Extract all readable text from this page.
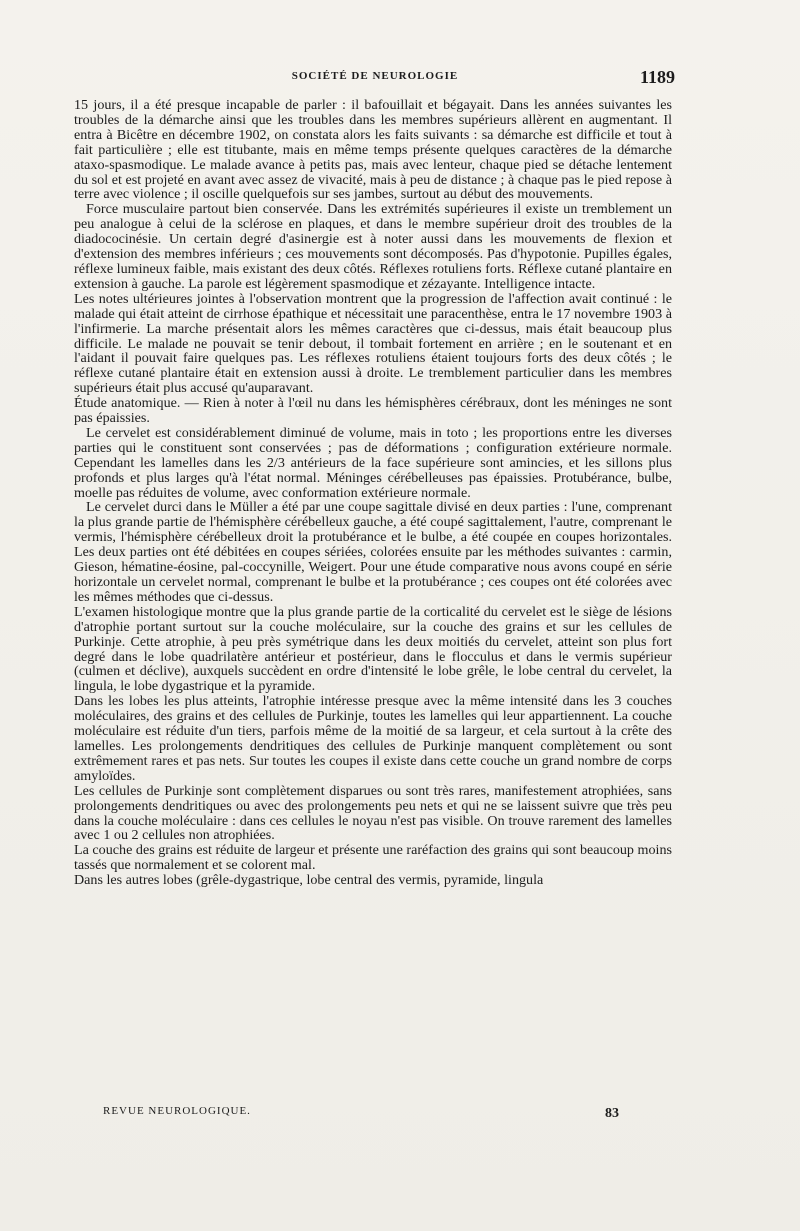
SOCIÉTÉ DE NEUROLOGIE	1189

15 jours, il a été presque incapable de parler : il bafouillait et bégayait. Dans les années suivantes les troubles de la démarche ainsi que les troubles dans les membres supérieurs allèrent en augmentant. Il entra à Bicêtre en décembre 1902, on constata alors les faits suivants : sa démarche est difficile et tout à fait particulière ; elle est titubante, mais en même temps présente quelques caractères de la démarche ataxo-spasmodique. Le malade avance à petits pas, mais avec lenteur, chaque pied se détache lentement du sol et est projeté en avant avec assez de vivacité, mais à peu de distance ; à chaque pas le pied repose à terre avec violence ; il oscille quelquefois sur ses jambes, surtout au début des mouvements.

Force musculaire partout bien conservée. Dans les extrémités supérieures il existe un tremblement un peu analogue à celui de la sclérose en plaques, et dans le membre supérieur droit des troubles de la diadococinésie. Un certain degré d'asinergie est à noter aussi dans les mouvements de flexion et d'extension des membres inférieurs ; ces mouvements sont décomposés. Pas d'hypotonie. Pupilles égales, réflexe lumineux faible, mais existant des deux côtés. Réflexes rotuliens forts. Réflexe cutané plantaire en extension à gauche. La parole est légèrement spasmodique et zézayante. Intelligence intacte.

Les notes ultérieures jointes à l'observation montrent que la progression de l'affection avait continué : le malade qui était atteint de cirrhose épathique et nécessitait une paracenthèse, entra le 17 novembre 1903 à l'infirmerie. La marche présentait alors les mêmes caractères que ci-dessus, mais était beaucoup plus difficile. Le malade ne pouvait se tenir debout, il tombait fortement en arrière ; en le soutenant et en l'aidant il pouvait faire quelques pas. Les réflexes rotuliens étaient toujours forts des deux côtés ; le réflexe cutané plantaire était en extension aussi à droite. Le tremblement particulier dans les membres supérieurs était plus accusé qu'auparavant.

Étude anatomique. — Rien à noter à l'œil nu dans les hémisphères cérébraux, dont les méninges ne sont pas épaissies.

Le cervelet est considérablement diminué de volume, mais in toto ; les proportions entre les diverses parties qui le constituent sont conservées ; pas de déformations ; configuration extérieure normale. Cependant les lamelles dans les 2/3 antérieurs de la face supérieure sont amincies, et les sillons plus profonds et plus larges qu'à l'état normal. Méninges cérébelleuses pas épaissies. Protubérance, bulbe, moelle pas réduites de volume, avec conformation extérieure normale.

Le cervelet durci dans le Müller a été par une coupe sagittale divisé en deux parties : l'une, comprenant la plus grande partie de l'hémisphère cérébelleux gauche, a été coupé sagittalement, l'autre, comprenant le vermis, l'hémisphère cérébelleux droit la protubérance et le bulbe, a été coupée en coupes horizontales. Les deux parties ont été débitées en coupes sériées, colorées ensuite par les méthodes suivantes : carmin, Gieson, hématine-éosine, pal-coccynille, Weigert. Pour une étude comparative nous avons coupé en série horizontale un cervelet normal, comprenant le bulbe et la protubérance ; ces coupes ont été colorées avec les mêmes méthodes que ci-dessus.

L'examen histologique montre que la plus grande partie de la corticalité du cervelet est le siège de lésions d'atrophie portant surtout sur la couche moléculaire, sur la couche des grains et sur les cellules de Purkinje. Cette atrophie, à peu près symétrique dans les deux moitiés du cervelet, atteint son plus fort degré dans le lobe quadrilatère antérieur et postérieur, dans le flocculus et dans le vermis supérieur (culmen et déclive), auxquels succèdent en ordre d'intensité le lobe grêle, le lobe central du cervelet, la lingula, le lobe dygastrique et la pyramide.

Dans les lobes les plus atteints, l'atrophie intéresse presque avec la même intensité dans les 3 couches moléculaires, des grains et des cellules de Purkinje, toutes les lamelles qui leur appartiennent. La couche moléculaire est réduite d'un tiers, parfois même de la moitié de sa largeur, et cela surtout à la crête des lamelles. Les prolongements dendritiques des cellules de Purkinje manquent complètement ou sont extrêmement rares et pas nets. Sur toutes les coupes il existe dans cette couche un grand nombre de corps amyloïdes.

Les cellules de Purkinje sont complètement disparues ou sont très rares, manifestement atrophiées, sans prolongements dendritiques ou avec des prolongements peu nets et qui ne se laissent suivre que très peu dans la couche moléculaire : dans ces cellules le noyau n'est pas visible. On trouve rarement des lamelles avec 1 ou 2 cellules non atrophiées.

La couche des grains est réduite de largeur et présente une raréfaction des grains qui sont beaucoup moins tassés que normalement et se colorent mal.

Dans les autres lobes (grêle-dygastrique, lobe central des vermis, pyramide, lingula

REVUE NEUROLOGIQUE.	83
